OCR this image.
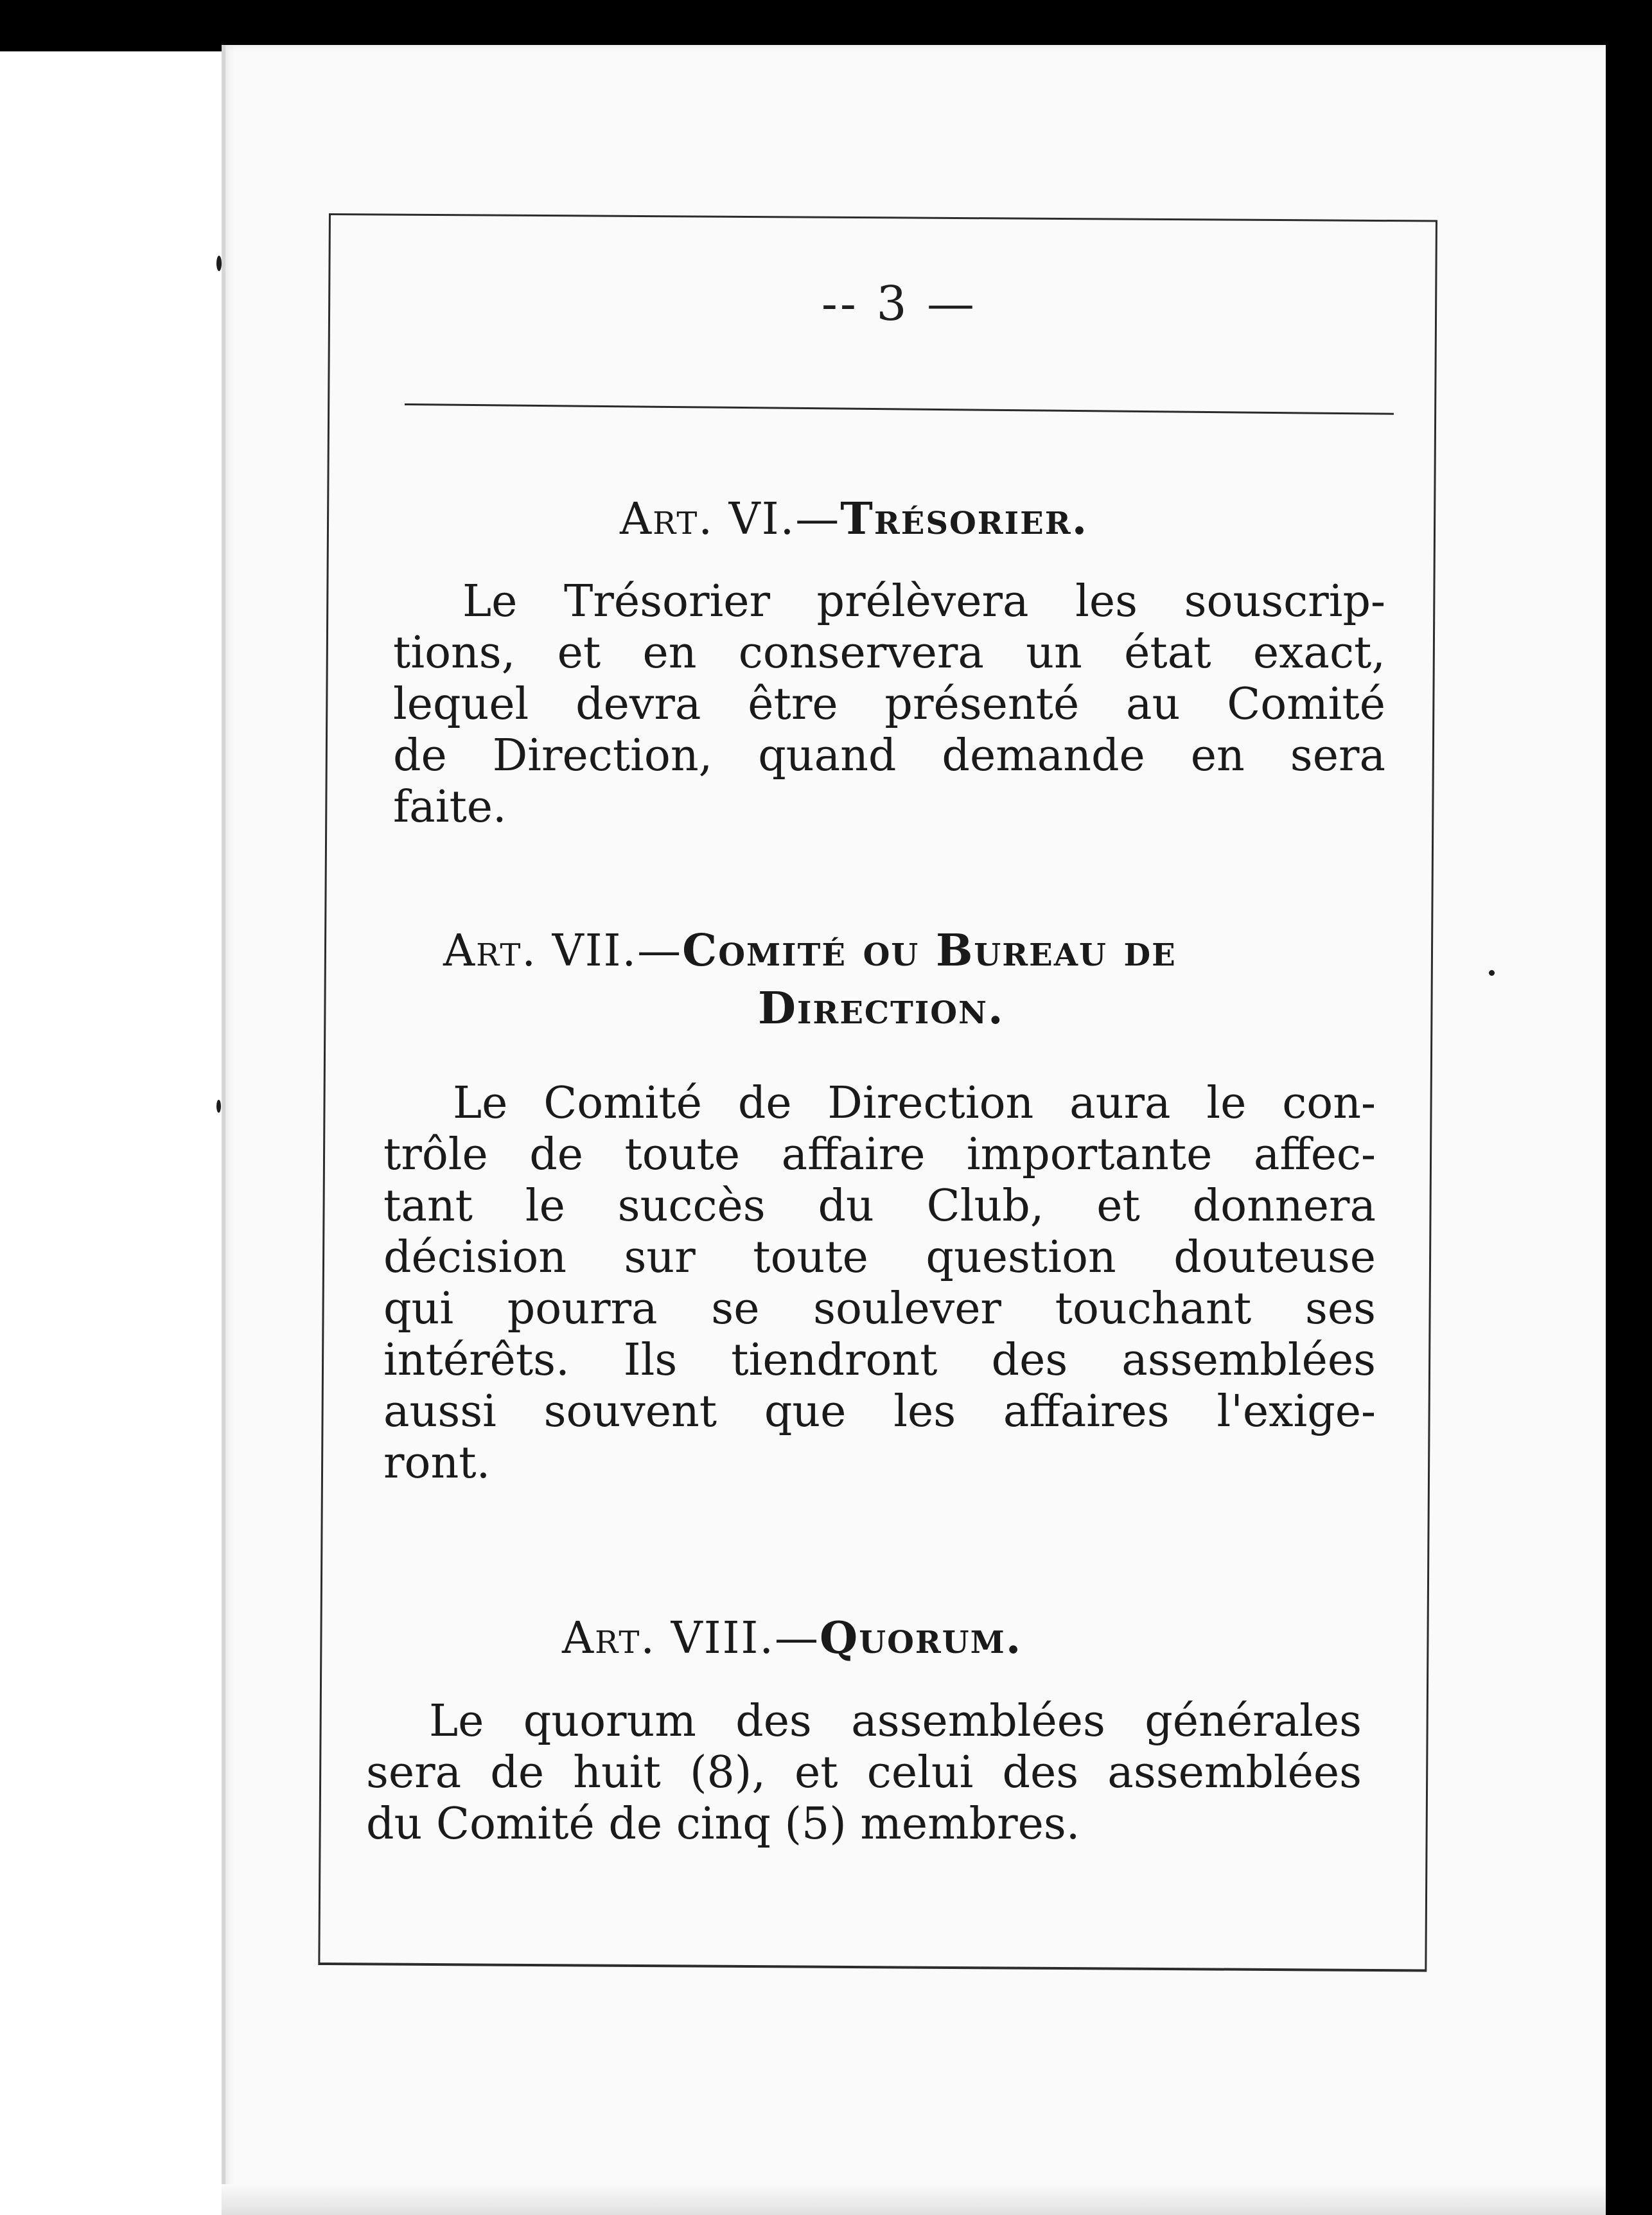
-- 3 —
Art. VI.—Trésorier.
Le Trésorier prélèvera les souscrip-
tions, et en conservera un état exact,
lequel devra être présenté au Comité
de Direction, quand demande en sera
faite.
Art. VII.—Comité ou Bureau de
Direction.
Le Comité de Direction aura le con-
trôle de toute affaire importante affec-
tant le succès du Club, et donnera
décision sur toute question douteuse
qui pourra se soulever touchant ses
intérêts. Ils tiendront des assemblées
aussi souvent que les affaires l'exige-
ront.
Art. VIII.—Quorum.
Le quorum des assemblées générales
sera de huit (8), et celui des assemblées
du Comité de cinq (5) membres.
